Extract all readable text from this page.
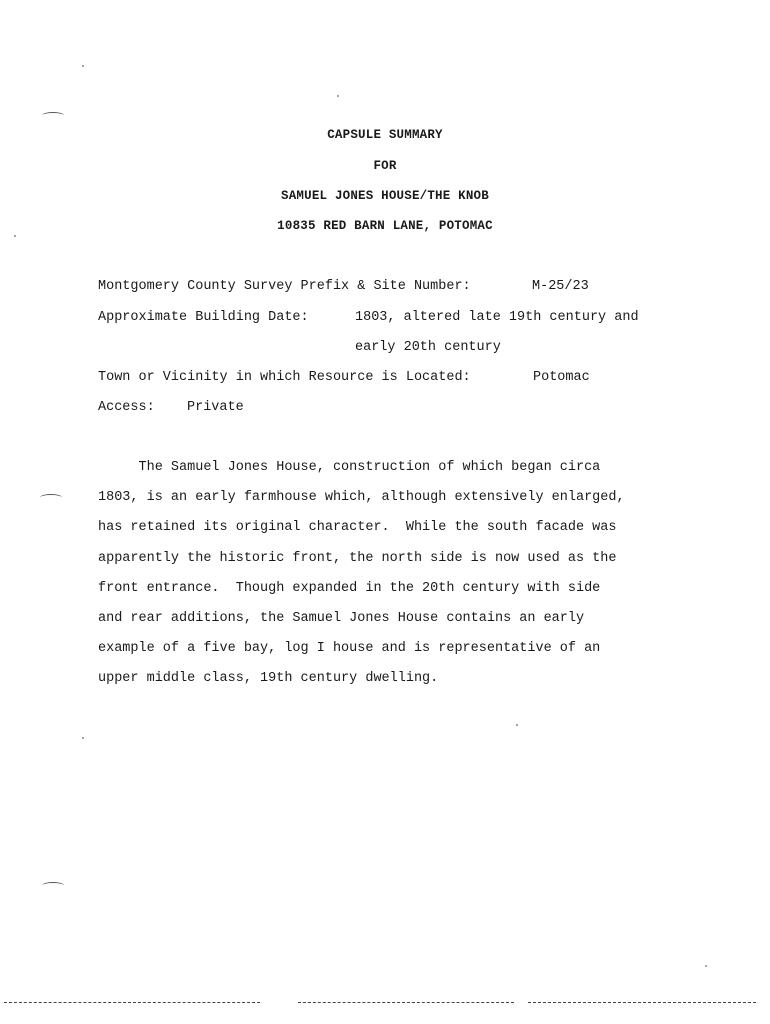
CAPSULE SUMMARY
FOR
SAMUEL JONES HOUSE/THE KNOB
10835 RED BARN LANE, POTOMAC
Montgomery County Survey Prefix & Site Number:	M-25/23
Approximate Building Date:	1803, altered late 19th century and
early 20th century
Town or Vicinity in which Resource is Located:	Potomac
Access: Private
The Samuel Jones House, construction of which began circa
1803, is an early farmhouse which, although extensively enlarged,
has retained its original character.  While the south facade was
apparently the historic front, the north side is now used as the
front entrance.  Though expanded in the 20th century with side
and rear additions, the Samuel Jones House contains an early
example of a five bay, log I house and is representative of an
upper middle class, 19th century dwelling.
